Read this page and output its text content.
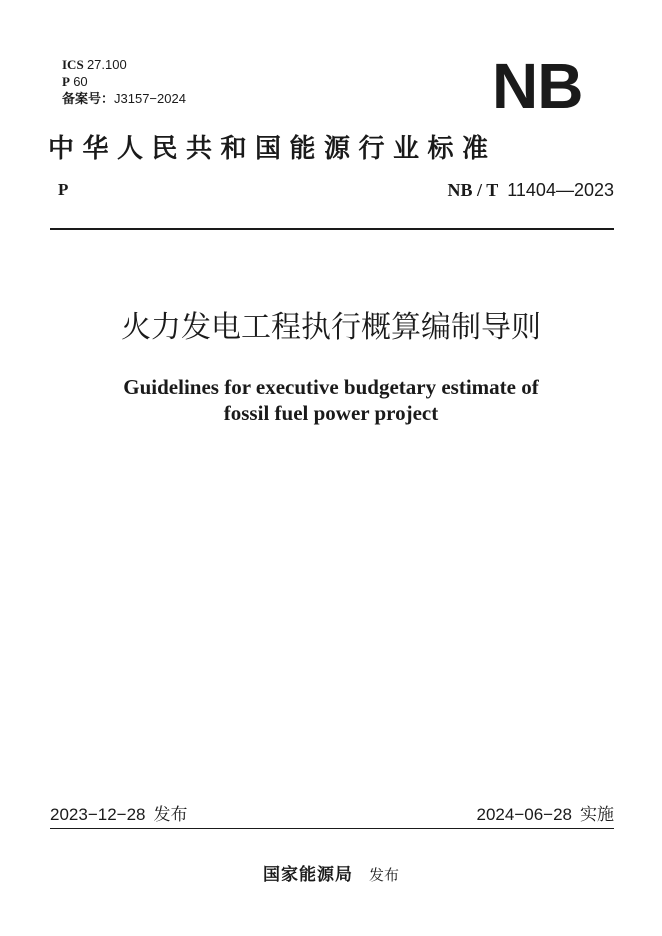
ICS 27.100
P 60
备案号：J3157−2024	NB
中华人民共和国能源行业标准
P	NB / T 11404—2023
火力发电工程执行概算编制导则
Guidelines for executive budgetary estimate of
fossil fuel power project
2023−12−28 发布	2024−06−28 实施
国家能源局 发布
